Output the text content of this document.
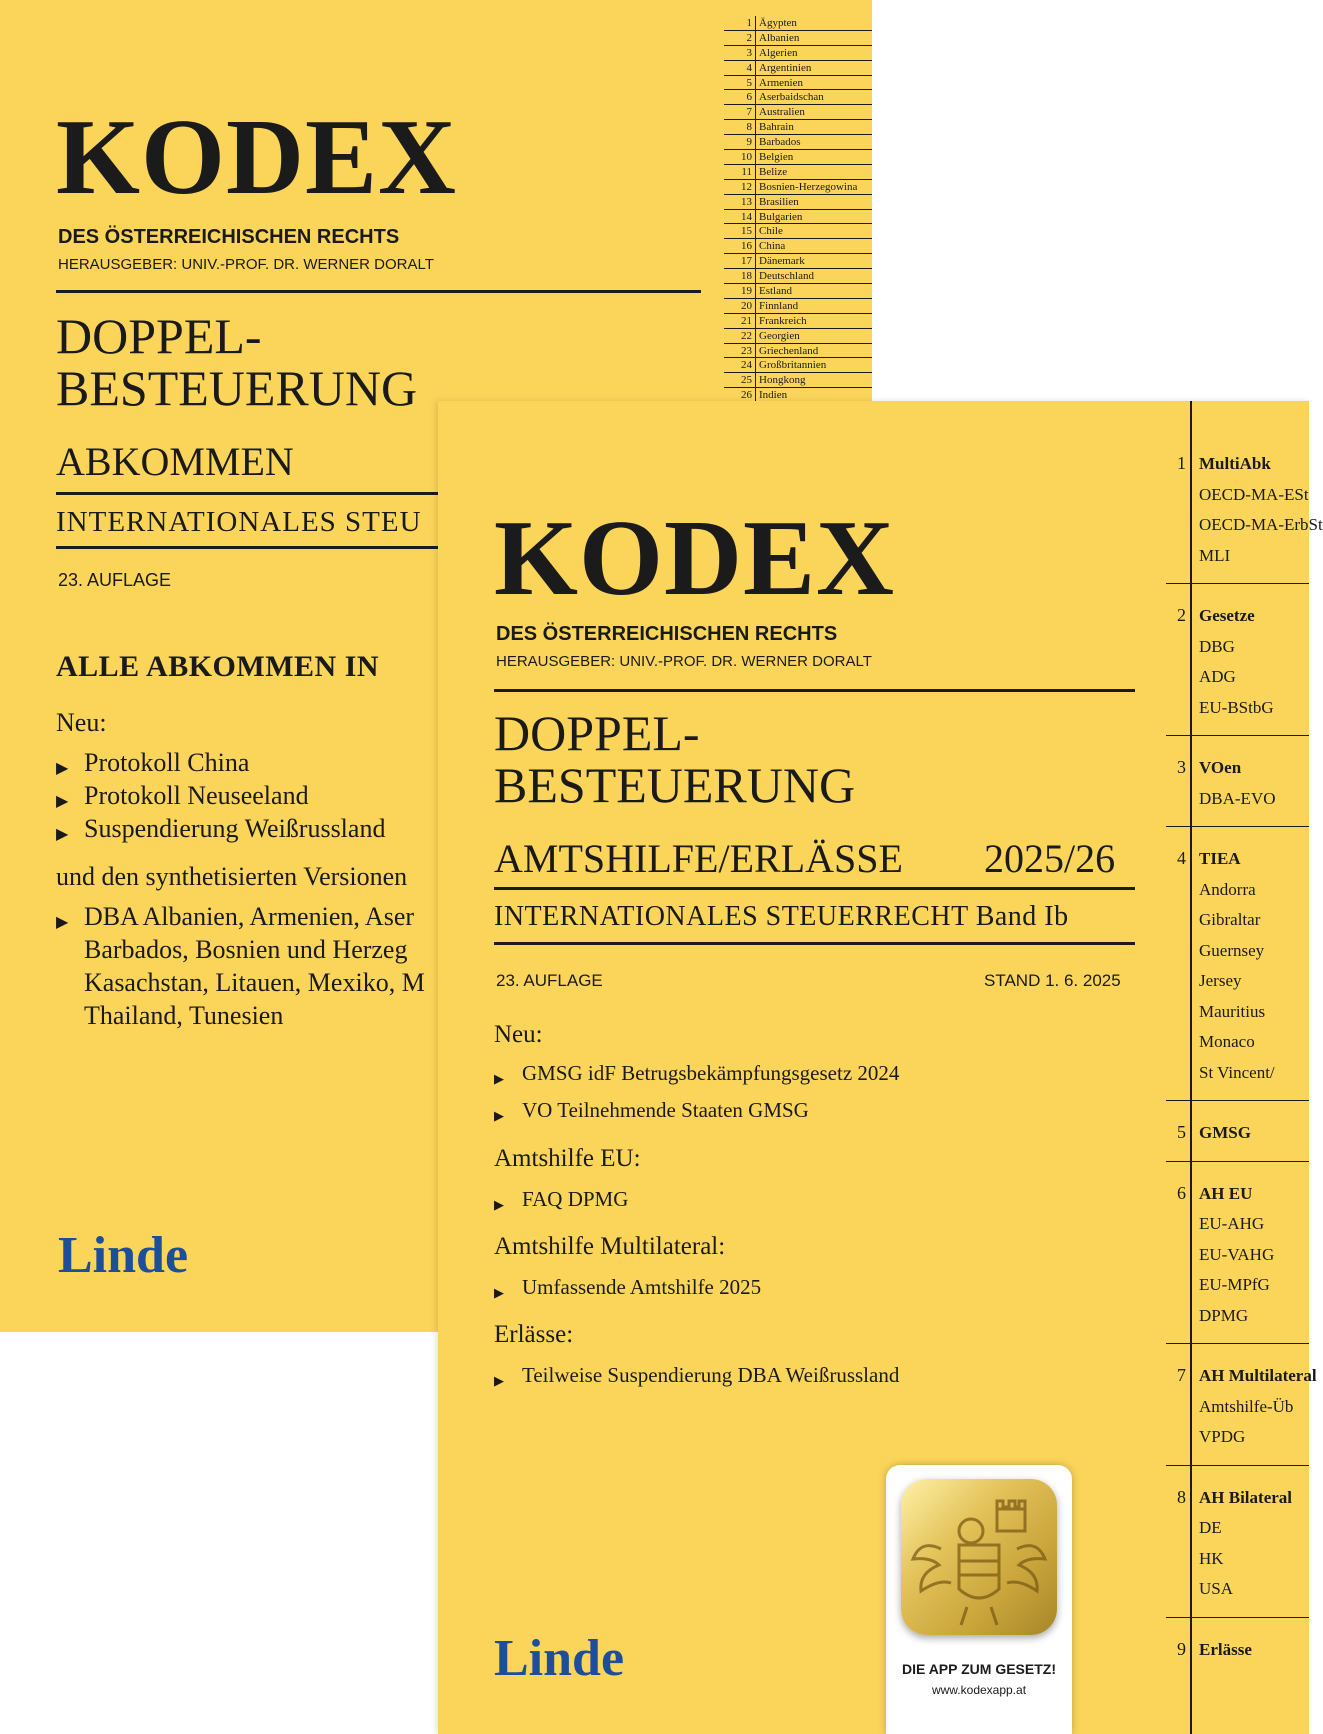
KODEX
DES ÖSTERREICHISCHEN RECHTS
HERAUSGEBER: UNIV.-PROF. DR. WERNER DORALT
DOPPEL-
BESTEUERUNG
ABKOMMEN
INTERNATIONALES STEU
23. AUFLAGE
ALLE ABKOMMEN IN
Neu:
▶ Protokoll China
▶ Protokoll Neuseeland
▶ Suspendierung Weißrussland
und den synthetisierten Versionen
▶ DBA Albanien, Armenien, Aser
Barbados, Bosnien und Herzeg
Kasachstan, Litauen, Mexiko, M
Thailand, Tunesien
Linde
1 Ägypten
2 Albanien
3 Algerien
4 Argentinien
5 Armenien
6 Aserbaidschan
7 Australien
8 Bahrain
9 Barbados
10 Belgien
11 Belize
12 Bosnien-Herzegowina
13 Brasilien
14 Bulgarien
15 Chile
16 China
17 Dänemark
18 Deutschland
19 Estland
20 Finnland
21 Frankreich
22 Georgien
23 Griechenland
24 Großbritannien
25 Hongkong
26 Indien
KODEX
DES ÖSTERREICHISCHEN RECHTS
HERAUSGEBER: UNIV.-PROF. DR. WERNER DORALT
DOPPEL-
BESTEUERUNG
AMTSHILFE/ERLÄSSE 2025/26
INTERNATIONALES STEUERRECHT Band Ib
23. AUFLAGE	STAND 1. 6. 2025
Neu:
▶ GMSG idF Betrugsbekämpfungsgesetz 2024
▶ VO Teilnehmende Staaten GMSG
Amtshilfe EU:
▶ FAQ DPMG
Amtshilfe Multilateral:
▶ Umfassende Amtshilfe 2025
Erlässe:
▶ Teilweise Suspendierung DBA Weißrussland
Linde	DIE APP ZUM GESETZ!
www.kodexapp.at
1 MultiAbk
OECD-MA-ESt
OECD-MA-ErbSt
MLI
2 Gesetze
DBG
ADG
EU-BStbG
3 VOen
DBA-EVO
4 TIEA
Andorra
Gibraltar
Guernsey
Jersey
Mauritius
Monaco
St Vincent/
5 GMSG
6 AH EU
EU-AHG
EU-VAHG
EU-MPfG
DPMG
7 AH Multilateral
Amtshilfe-Üb
VPDG
8 AH Bilateral
DE
HK
USA
9 Erlässe
